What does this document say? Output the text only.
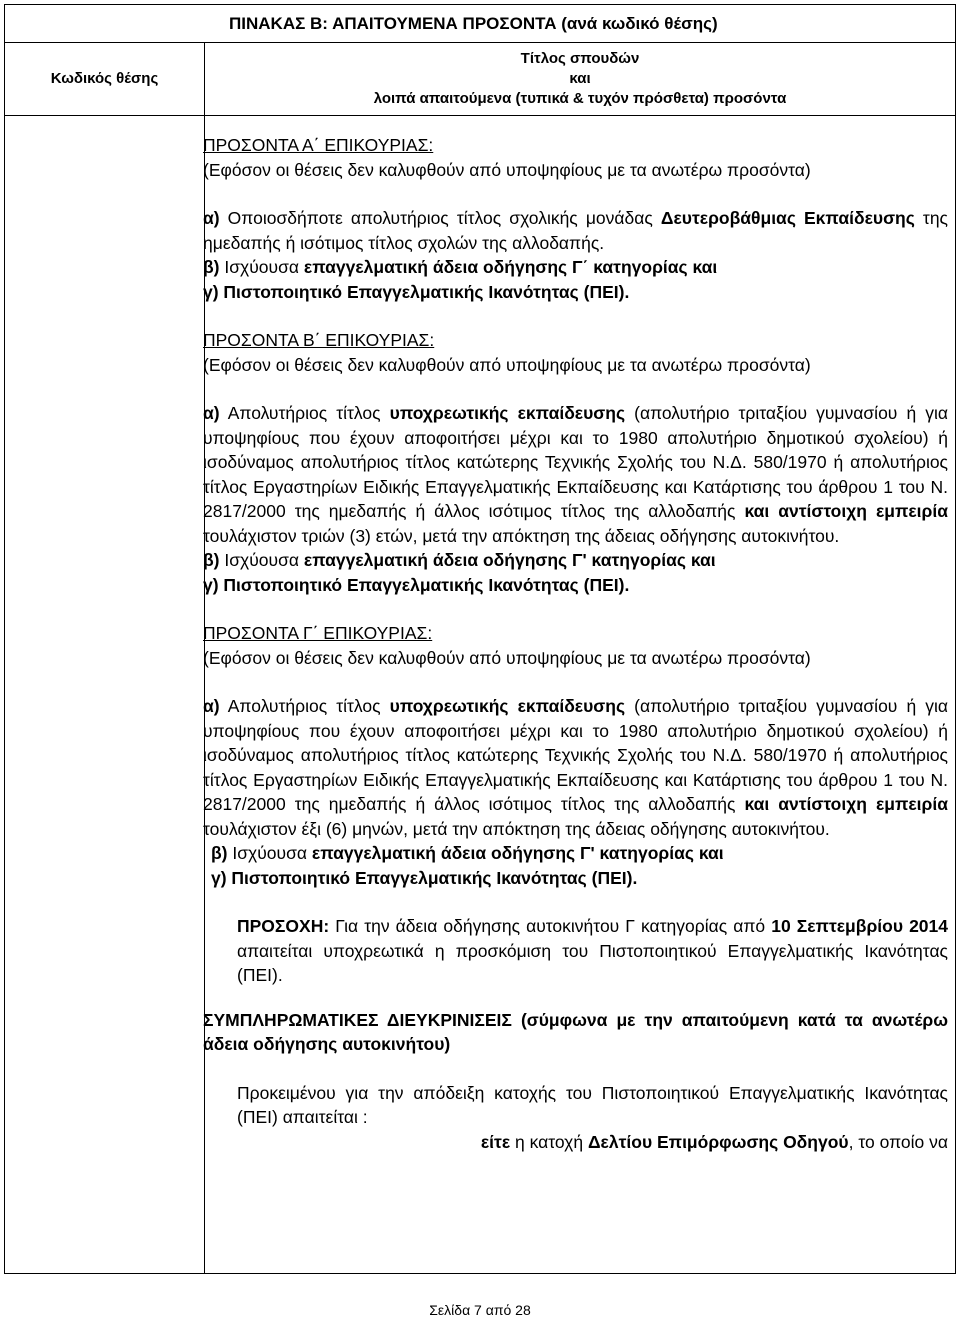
ΠΙΝΑΚΑΣ Β: ΑΠΑΙΤΟΥΜΕΝΑ ΠΡΟΣΟΝΤΑ (ανά κωδικό θέσης)
Κωδικός θέσης
Τίτλος σπουδών
και
λοιπά απαιτούμενα (τυπικά & τυχόν πρόσθετα) προσόντα

ΠΡΟΣΟΝΤΑ Α΄ ΕΠΙΚΟΥΡΙΑΣ:

(Εφόσον οι θέσεις δεν καλυφθούν από υποψηφίους με τα ανωτέρω προσόντα)

α) Οποιοσδήποτε απολυτήριος τίτλος σχολικής μονάδας Δευτεροβάθμιας Εκπαίδευσης της ημεδαπής ή ισότιμος τίτλος σχολών της αλλοδαπής.

β) Ισχύουσα επαγγελματική άδεια οδήγησης Γ΄ κατηγορίας και

γ) Πιστοποιητικό Επαγγελματικής Ικανότητας (ΠΕΙ).

ΠΡΟΣΟΝΤΑ Β΄ ΕΠΙΚΟΥΡΙΑΣ:

(Εφόσον οι θέσεις δεν καλυφθούν από υποψηφίους με τα ανωτέρω προσόντα)

α) Απολυτήριος τίτλος υποχρεωτικής εκπαίδευσης (απολυτήριο τριταξίου γυμνασίου ή για υποψηφίους που έχουν αποφοιτήσει μέχρι και το 1980 απολυτήριο δημοτικού σχολείου) ή ισοδύναμος απολυτήριος τίτλος κατώτερης Τεχνικής Σχολής του Ν.Δ. 580/1970 ή απολυτήριος τίτλος Εργαστηρίων Ειδικής Επαγγελματικής Εκπαίδευσης και Κατάρτισης του άρθρου 1 του Ν. 2817/2000 της ημεδαπής ή άλλος ισότιμος τίτλος της αλλοδαπής και αντίστοιχη εμπειρία τουλάχιστον τριών (3) ετών, μετά την απόκτηση της άδειας οδήγησης αυτοκινήτου.

β) Ισχύουσα επαγγελματική άδεια οδήγησης Γ' κατηγορίας και

γ) Πιστοποιητικό Επαγγελματικής Ικανότητας (ΠΕΙ).

ΠΡΟΣΟΝΤΑ Γ΄ ΕΠΙΚΟΥΡΙΑΣ:

(Εφόσον οι θέσεις δεν καλυφθούν από υποψηφίους με τα ανωτέρω προσόντα)

α) Απολυτήριος τίτλος υποχρεωτικής εκπαίδευσης (απολυτήριο τριταξίου γυμνασίου ή για υποψηφίους που έχουν αποφοιτήσει μέχρι και το 1980 απολυτήριο δημοτικού σχολείου) ή ισοδύναμος απολυτήριος τίτλος κατώτερης Τεχνικής Σχολής του Ν.Δ. 580/1970 ή απολυτήριος τίτλος Εργαστηρίων Ειδικής Επαγγελματικής Εκπαίδευσης και Κατάρτισης του άρθρου 1 του Ν. 2817/2000 της ημεδαπής ή άλλος ισότιμος τίτλος της αλλοδαπής και αντίστοιχη εμπειρία τουλάχιστον έξι (6) μηνών, μετά την απόκτηση της άδειας οδήγησης αυτοκινήτου.

β) Ισχύουσα επαγγελματική άδεια οδήγησης Γ' κατηγορίας και

γ) Πιστοποιητικό Επαγγελματικής Ικανότητας (ΠΕΙ).

ΠΡΟΣΟΧΗ: Για την άδεια οδήγησης αυτοκινήτου Γ κατηγορίας από 10 Σεπτεμβρίου 2014 απαιτείται υποχρεωτικά η προσκόμιση του Πιστοποιητικού Επαγγελματικής Ικανότητας (ΠΕΙ).

ΣΥΜΠΛΗΡΩΜΑΤΙΚΕΣ ΔΙΕΥΚΡΙΝΙΣΕΙΣ (σύμφωνα με την απαιτούμενη κατά τα ανωτέρω άδεια οδήγησης αυτοκινήτου)

Προκειμένου για την απόδειξη κατοχής του Πιστοποιητικού Επαγγελματικής Ικανότητας (ΠΕΙ) απαιτείται :

είτε η κατοχή Δελτίου Επιμόρφωσης Οδηγού, το οποίο να

Σελίδα 7 από 28
